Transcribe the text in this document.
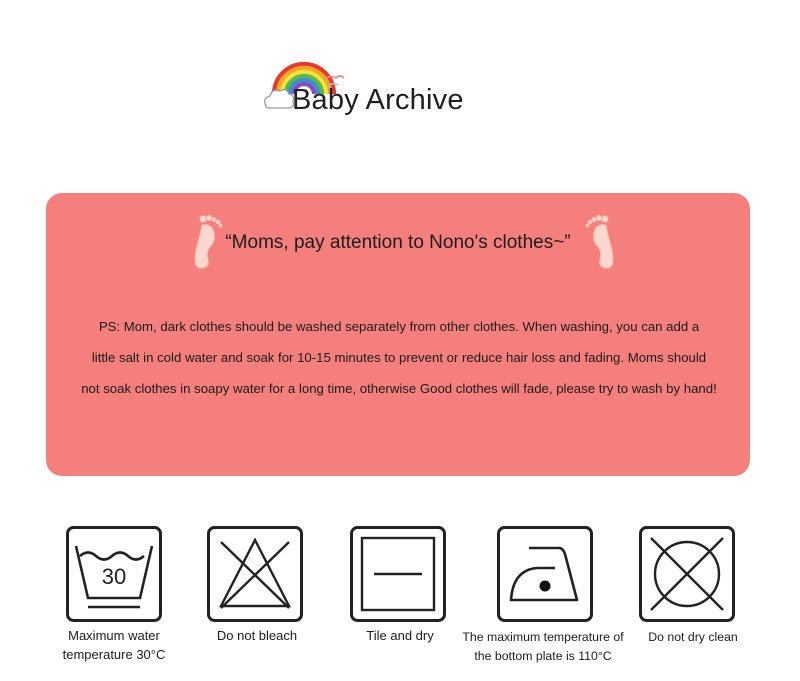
Baby Archive
“Moms, pay attention to Nono's clothes~”
PS: Mom, dark clothes should be washed separately from other clothes. When washing, you can add a
little salt in cold water and soak for 10-15 minutes to prevent or reduce hair loss and fading. Moms should
not soak clothes in soapy water for a long time, otherwise Good clothes will fade, please try to wash by hand!
30
Maximum water
temperature 30°C
Do not bleach	Tile and dry	The maximum temperature of
the bottom plate is 110°C
Do not dry clean
